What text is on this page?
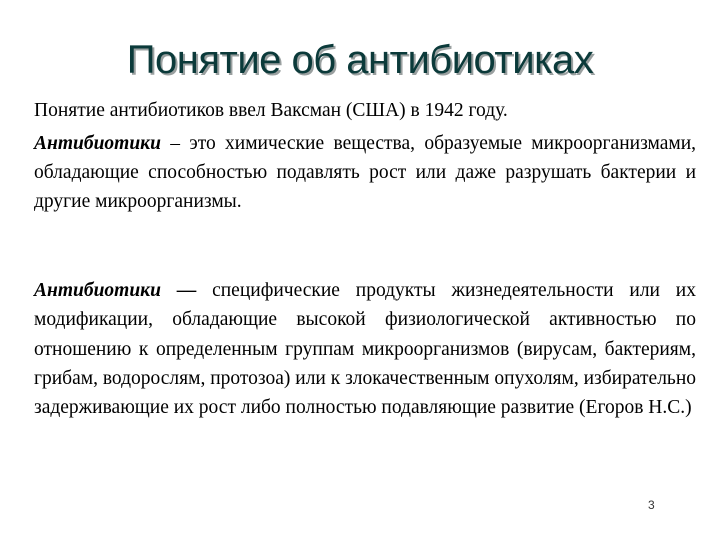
Понятие об антибиотиках
Понятие антибиотиков ввел Ваксман (США) в 1942 году.
Антибиотики – это химические вещества, образуемые микроорганизмами, обладающие способностью подавлять рост или даже разрушать бактерии и другие микроорганизмы.
Антибиотики — специфические продукты жизнедеятельности или их модификации, обладающие высокой физиологической активностью по отношению к определенным группам микроорганизмов (вирусам, бактериям, грибам, водорослям, протозоа) или к злокачественным опухолям, избирательно задерживающие их рост либо полностью подавляющие развитие (Егоров Н.С.)
3
